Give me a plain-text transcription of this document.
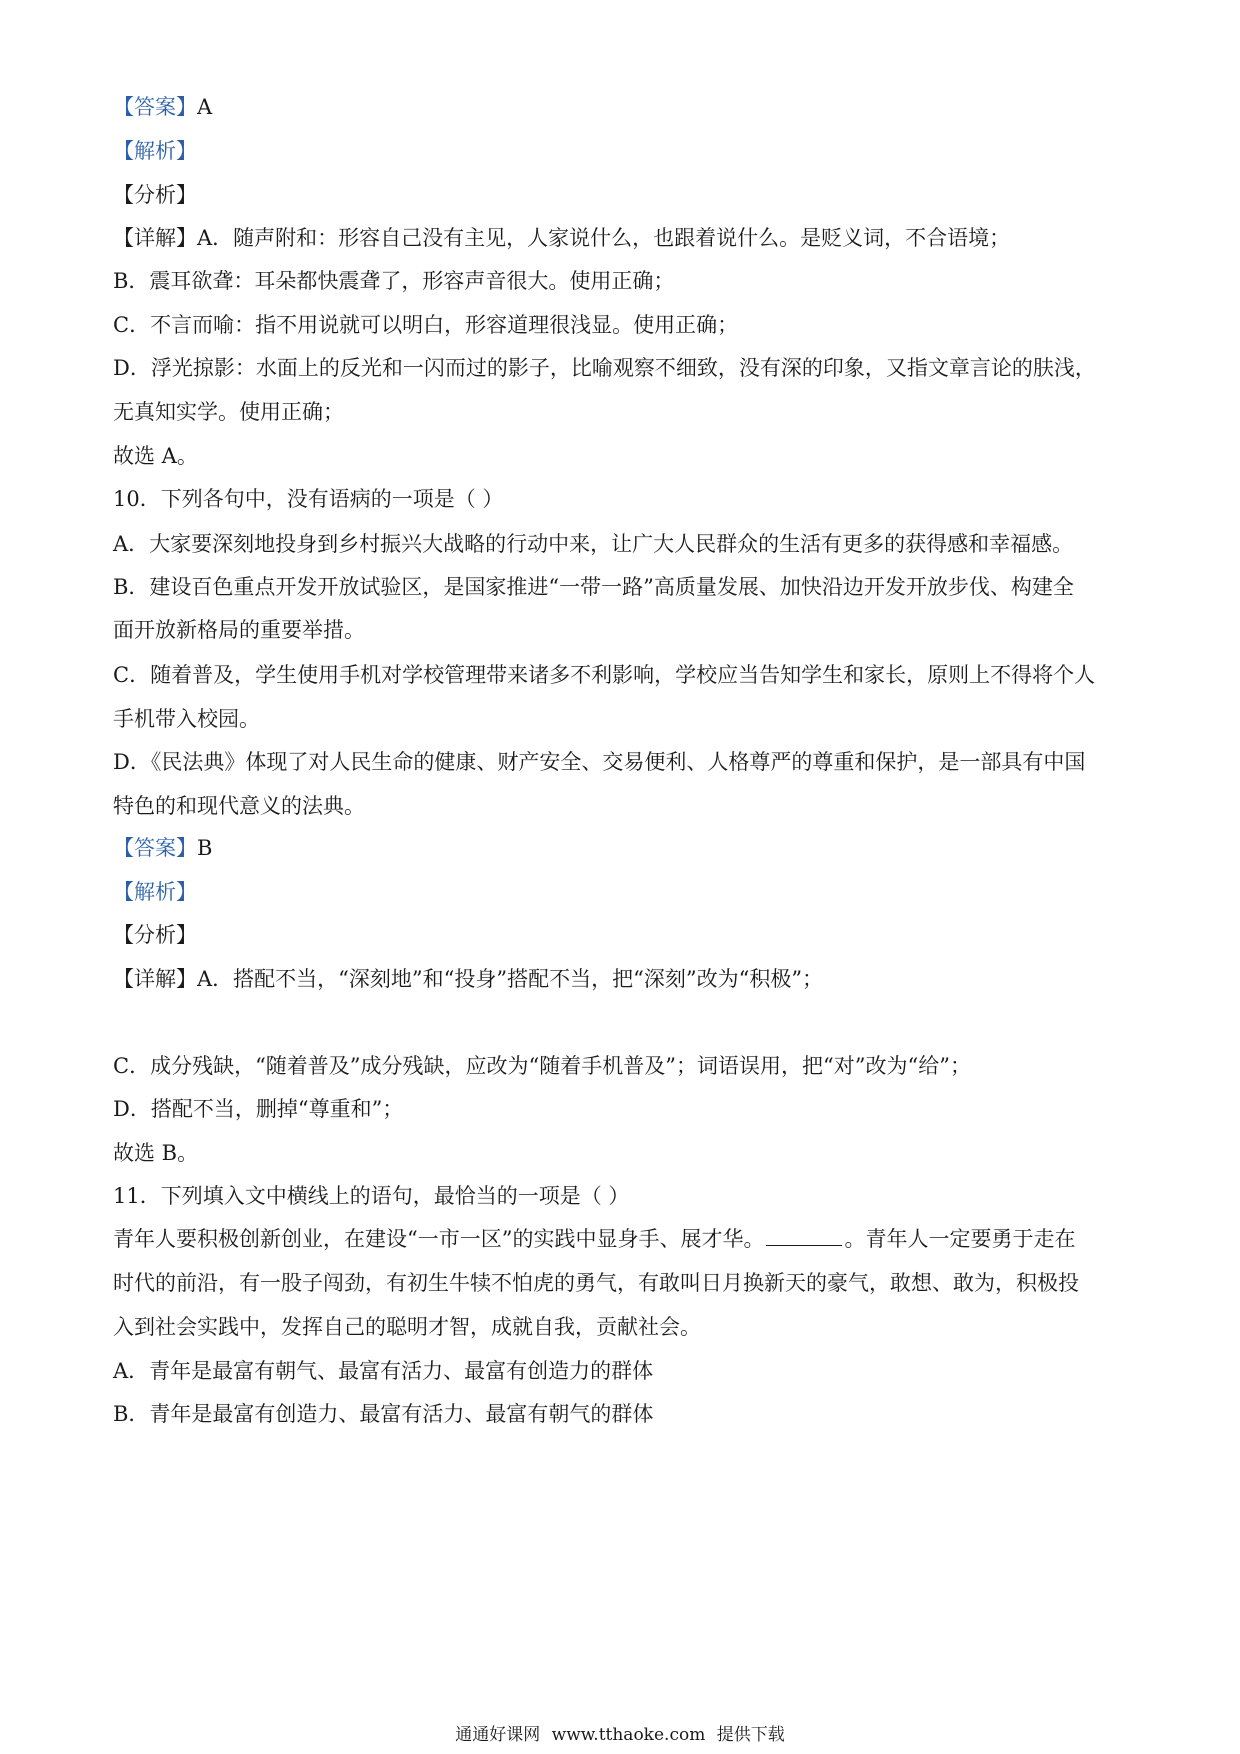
【答案】A
【解析】
【分析】
【详解】A．随声附和：形容自己没有主见，人家说什么，也跟着说什么。是贬义词，不合语境；
B．震耳欲聋：耳朵都快震聋了，形容声音很大。使用正确；
C．不言而喻：指不用说就可以明白，形容道理很浅显。使用正确；
D．浮光掠影：水面上的反光和一闪而过的影子，比喻观察不细致，没有深的印象，又指文章言论的肤浅，
无真知实学。使用正确；
故选 A。
10．下列各句中，没有语病的一项是（ ）
A．大家要深刻地投身到乡村振兴大战略的行动中来，让广大人民群众的生活有更多的获得感和幸福感。
B．建设百色重点开发开放试验区，是国家推进“一带一路”高质量发展、加快沿边开发开放步伐、构建全
面开放新格局的重要举措。
C．随着普及，学生使用手机对学校管理带来诸多不利影响，学校应当告知学生和家长，原则上不得将个人
手机带入校园。
D．《民法典》体现了对人民生命的健康、财产安全、交易便利、人格尊严的尊重和保护，是一部具有中国
特色的和现代意义的法典。
【答案】B
【解析】
【分析】
【详解】A．搭配不当，“深刻地”和“投身”搭配不当，把“深刻”改为“积极”；
C．成分残缺，“随着普及”成分残缺，应改为“随着手机普及”；词语误用，把“对”改为“给”；
D．搭配不当，删掉“尊重和”；
故选 B。
11．下列填入文中横线上的语句，最恰当的一项是（ ）
青年人要积极创新创业，在建设“一市一区”的实践中显身手、展才华。	。青年人一定要勇于走在
时代的前沿，有一股子闯劲，有初生牛犊不怕虎的勇气，有敢叫日月换新天的豪气，敢想、敢为，积极投
入到社会实践中，发挥自己的聪明才智，成就自我，贡献社会。
A．青年是最富有朝气、最富有活力、最富有创造力的群体
B．青年是最富有创造力、最富有活力、最富有朝气的群体
通通好课网 www.tthaoke.com 提供下载
